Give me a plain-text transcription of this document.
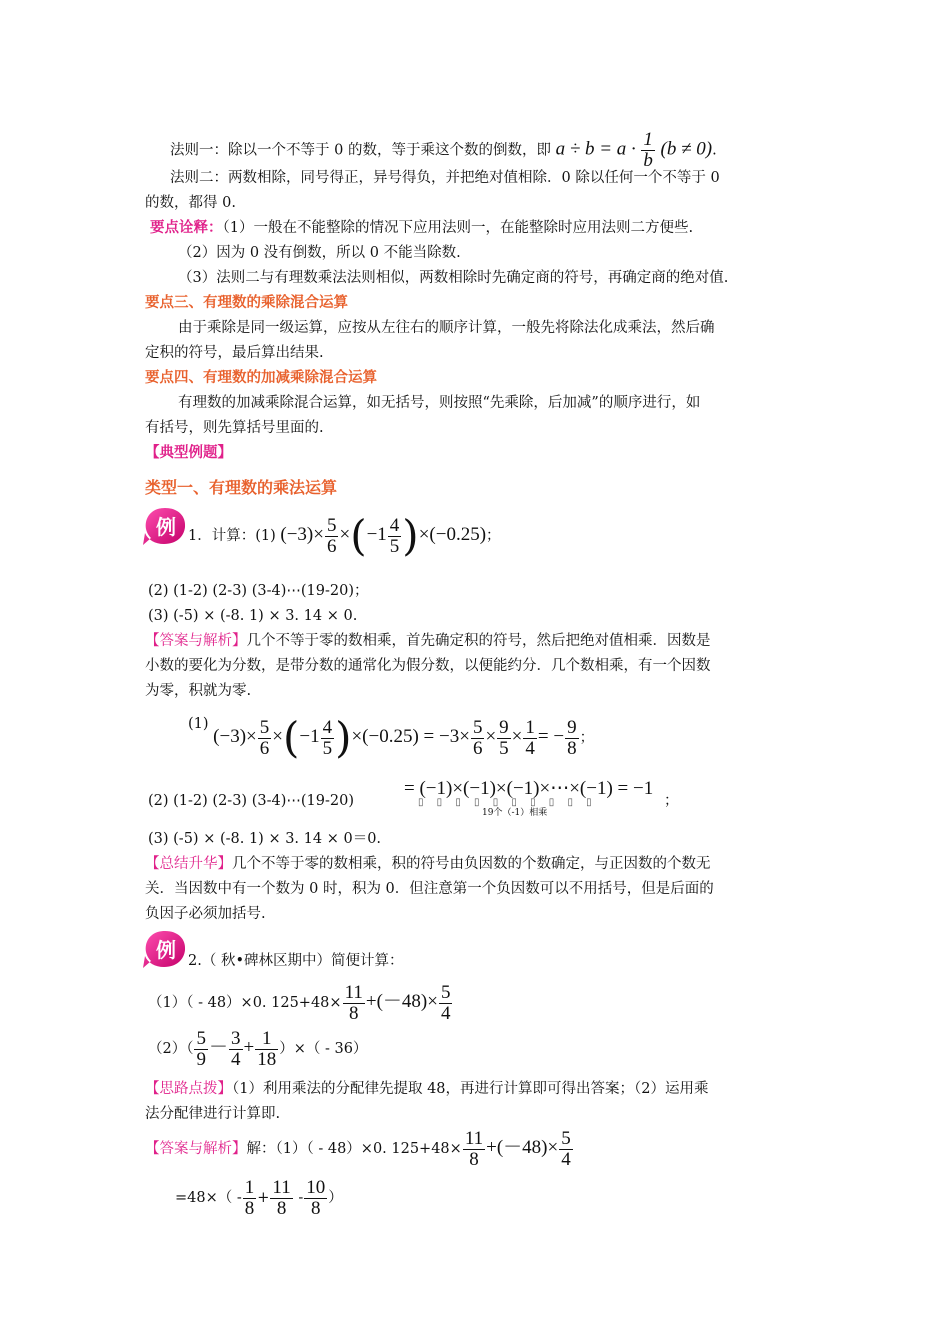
法则一：除以一个不等于 0 的数，等于乘这个数的倒数，即 $a \div b = a \cdot \frac{1}{b} (b \ne 0)$.
法则二：两数相除，同号得正，异号得负，并把绝对值相除．0 除以任何一个不等于 0
的数，都得 0.
要点诠释：（1）一般在不能整除的情况下应用法则一，在能整除时应用法则二方便些.
（2）因为 0 没有倒数，所以 0 不能当除数.
（3）法则二与有理数乘法法则相似，两数相除时先确定商的符号，再确定商的绝对值.
要点三、有理数的乘除混合运算
由于乘除是同一级运算，应按从左往右的顺序计算，一般先将除法化成乘法，然后确
定积的符号，最后算出结果.
要点四、有理数的加减乘除混合运算
有理数的加减乘除混合运算，如无括号，则按照“先乘除，后加减”的顺序进行，如
有括号，则先算括号里面的.
【典型例题】
类型一、有理数的乘法运算
例 1．计算：(1) $(-3)\times \frac{5}{6} \times(-1 \frac{4}{5} )\times(-0.25)$；
(2) (1-2) (2-3) (3-4)⋯(19-20)；
(3) (-5) × (-8. 1) × 3. 14 × 0.
【答案与解析】几个不等于零的数相乘，首先确定积的符号，然后把绝对值相乘．因数是
小数的要化为分数，是带分数的通常化为假分数，以便能约分．几个数相乘，有一个因数
为零，积就为零.
(1) $(-3)\times \frac{5}{6} \times(-1 \frac{4}{5} )\times(-0.25) = -3\times \frac{5}{6} \times \frac{9}{5} \times \frac{1}{4}$ = − $\frac{9}{8}$ ；
(2) (1-2) (2-3) (3-4)⋯(19-20)
= (−1)×(−1)×(−1)×⋯×(−1) = −1
▯ ▯ ▯ ▯ ▯ ▯ ▯ ▯ ▯ ▯
19个（-1）相乘
；
(3) (-5) × (-8. 1) × 3. 14 × 0＝0.
【总结升华】几个不等于零的数相乘，积的符号由负因数的个数确定，与正因数的个数无
关．当因数中有一个数为 0 时，积为 0．但注意第一个负因数可以不用括号，但是后面的
负因子必须加括号.
例 2.（ 秋•碑林区期中）简便计算：
（1）（ - 48）×0. $125+48\times \frac{11}{8} +(-48)\times \frac{5}{4}$
$(2)( \frac{5}{9} - \frac{3}{4} + \frac{1}{18}$ ）×（ - 36）
【思路点拨】（1）利用乘法的分配律先提取 48，再进行计算即可得出答案；（2）运用乘
法分配律进行计算即.
【答案与解析】解：（1）（ - 48）×0. $125+48\times \frac{11}{8} +(-48)\times \frac{5}{4}$
$=48\times( - \frac{1}{8} + \frac{11}{8} - \frac{10}{8}$ ）
